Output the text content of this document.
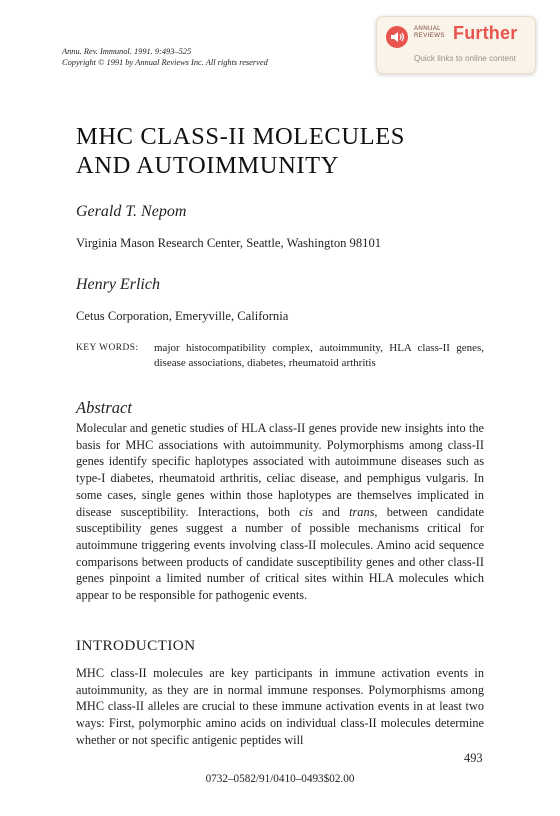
Annu. Rev. Immunol. 1991. 9:493–525
Copyright © 1991 by Annual Reviews Inc. All rights reserved
ANNUAL
REVIEWS Further
Quick links to online content
MHC CLASS-II MOLECULES
AND AUTOIMMUNITY
Gerald T. Nepom
Virginia Mason Research Center, Seattle, Washington 98101
Henry Erlich
Cetus Corporation, Emeryville, California
KEY WORDS: major histocompatibility complex, autoimmunity, HLA class-II genes, disease associations, diabetes, rheumatoid arthritis
Abstract

Molecular and genetic studies of HLA class-II genes provide new insights into the basis for MHC associations with autoimmunity. Polymorphisms among class-II genes identify specific haplotypes associated with autoimmune diseases such as type-I diabetes, rheumatoid arthritis, celiac disease, and pemphigus vulgaris. In some cases, single genes within those haplotypes are themselves implicated in disease susceptibility. Interactions, both cis and trans, between candidate susceptibility genes suggest a number of possible mechanisms critical for autoimmune triggering events involving class-II molecules. Amino acid sequence comparisons between products of candidate susceptibility genes and other class-II genes pinpoint a limited number of critical sites within HLA molecules which appear to be responsible for pathogenic events.

INTRODUCTION

MHC class-II molecules are key participants in immune activation events in autoimmunity, as they are in normal immune responses. Polymorphisms among MHC class-II alleles are crucial to these immune activation events in at least two ways: First, polymorphic amino acids on individual class-II molecules determine whether or not specific antigenic peptides will

493
0732–0582/91/0410–0493$02.00
